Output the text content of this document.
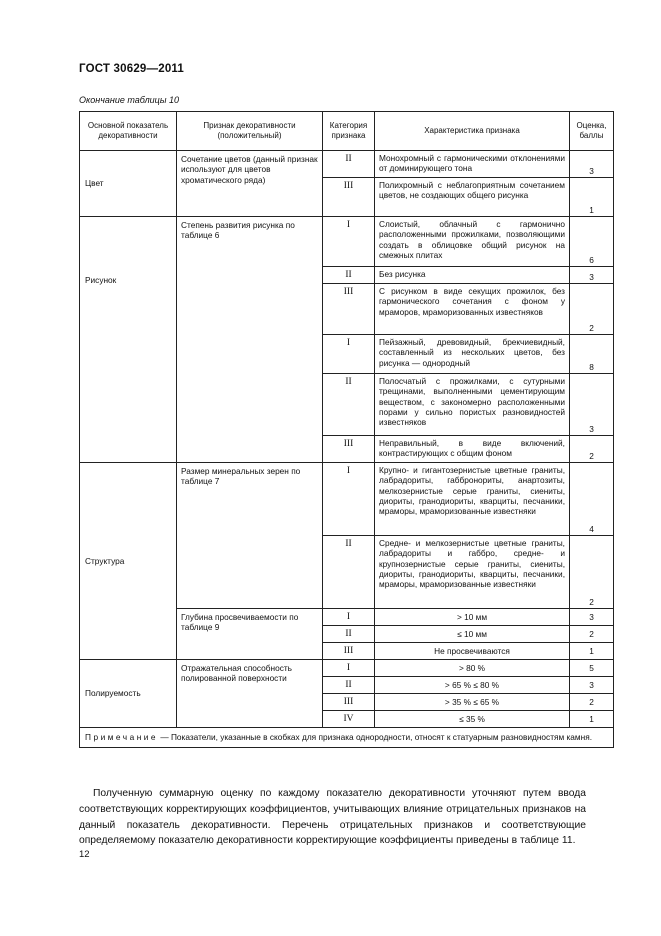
ГОСТ 30629—2011
Окончание таблицы 10
Основной показатель декоративности	Признак декоративности (положительный)	Категория признака	Характеристика признака	Оценка, баллы
Цвет	Сочетание цветов (данный признак используют для цветов хроматического ряда)	II	Монохромный с гармоническими отклонениями от доминирующего тона	3
		III	Полихромный с неблагоприятным сочетанием цветов, не создающих общего рисунка	1
Рисунок	Степень развития рисунка по таблице 6	I	Слоистый, облачный с гармонично расположенными прожилками, позволяющими создать в облицовке общий рисунок на смежных плитах	6
		II	Без рисунка	3
		III	С рисунком в виде секущих прожилок, без гармонического сочетания с фоном у мраморов, мраморизованных известняков	2
		I	Пейзажный, древовидный, брекчиевидный, составленный из нескольких цветов, без рисунка — однородный	8
		II	Полосчатый с прожилками, с сутурными трещинами, выполненными цементирующим веществом, с закономерно расположенными порами у сильно пористых разновидностей известняков	3
		III	Неправильный, в виде включений, контрастирующих с общим фоном	2
Структура	Размер минеральных зерен по таблице 7	I	Крупно- и гигантозернистые цветные граниты, лабрадориты, габбронориты, анартозиты, мелкозернистые серые граниты, сиениты, диориты, гранодиориты, кварциты, песчаники, мраморы, мраморизованные известняки	4
		II	Средне- и мелкозернистые цветные граниты, лабрадориты и габбро, средне- и крупнозернистые серые граниты, сиениты, диориты, гранодиориты, кварциты, песчаники, мраморы, мраморизованные известняки	2
	Глубина просвечиваемости по таблице 9	I	> 10 мм	3
		II	≤ 10 мм	2
		III	Не просвечиваются	1
Полируемость	Отражательная способность полированной поверхности	I	> 80 %	5
		II	> 65 % ≤ 80 %	3
		III	> 35 % ≤ 65 %	2
		IV	≤ 35 %	1
Примечание — Показатели, указанные в скобках для признака однородности, относят к статуарным разновидностям камня.				
Полученную суммарную оценку по каждому показателю декоративности уточняют путем ввода соответствующих корректирующих коэффициентов, учитывающих влияние отрицательных признаков на данный показатель декоративности. Перечень отрицательных признаков и соответствующие определяемому показателю декоративности корректирующие коэффициенты приведены в таблице 11.
12
